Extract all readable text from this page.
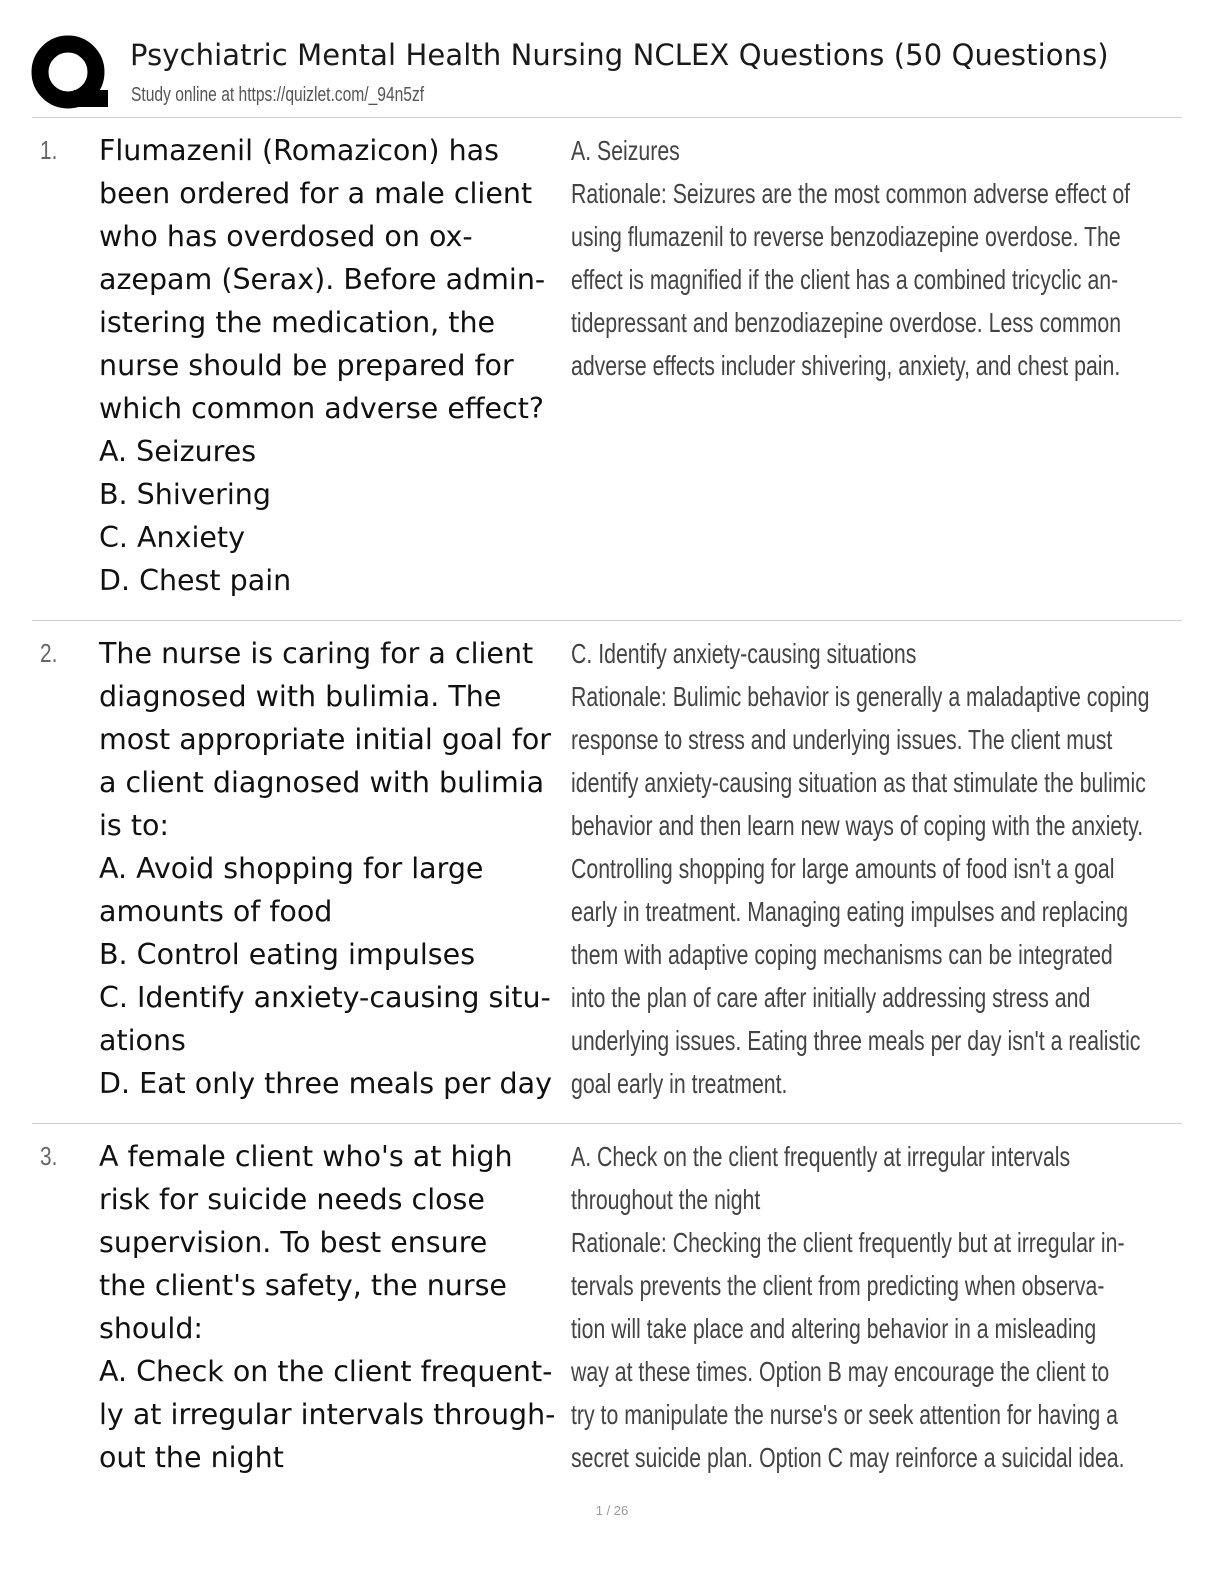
Psychiatric Mental Health Nursing NCLEX Questions (50 Questions)
Study online at https://quizlet.com/_94n5zf
1. Flumazenil (Romazicon) has
been ordered for a male client
who has overdosed on ox-
azepam (Serax). Before admin-
istering the medication, the
nurse should be prepared for
which common adverse effect?
A. Seizures
B. Shivering
C. Anxiety
D. Chest pain
A. Seizures
Rationale: Seizures are the most common adverse effect of
using flumazenil to reverse benzodiazepine overdose. The
effect is magnified if the client has a combined tricyclic an-
tidepressant and benzodiazepine overdose. Less common
adverse effects includer shivering, anxiety, and chest pain.
2. The nurse is caring for a client
diagnosed with bulimia. The
most appropriate initial goal for
a client diagnosed with bulimia
is to:
A. Avoid shopping for large
amounts of food
B. Control eating impulses
C. Identify anxiety-causing situ-
ations
D. Eat only three meals per day
C. Identify anxiety-causing situations
Rationale: Bulimic behavior is generally a maladaptive coping
response to stress and underlying issues. The client must
identify anxiety-causing situation as that stimulate the bulimic
behavior and then learn new ways of coping with the anxiety.
Controlling shopping for large amounts of food isn't a goal
early in treatment. Managing eating impulses and replacing
them with adaptive coping mechanisms can be integrated
into the plan of care after initially addressing stress and
underlying issues. Eating three meals per day isn't a realistic
goal early in treatment.
3. A female client who's at high
risk for suicide needs close
supervision. To best ensure
the client's safety, the nurse
should:
A. Check on the client frequent-
ly at irregular intervals through-
out the night
A. Check on the client frequently at irregular intervals
throughout the night
Rationale: Checking the client frequently but at irregular in-
tervals prevents the client from predicting when observa-
tion will take place and altering behavior in a misleading
way at these times. Option B may encourage the client to
try to manipulate the nurse's or seek attention for having a
secret suicide plan. Option C may reinforce a suicidal idea.
1 / 26
